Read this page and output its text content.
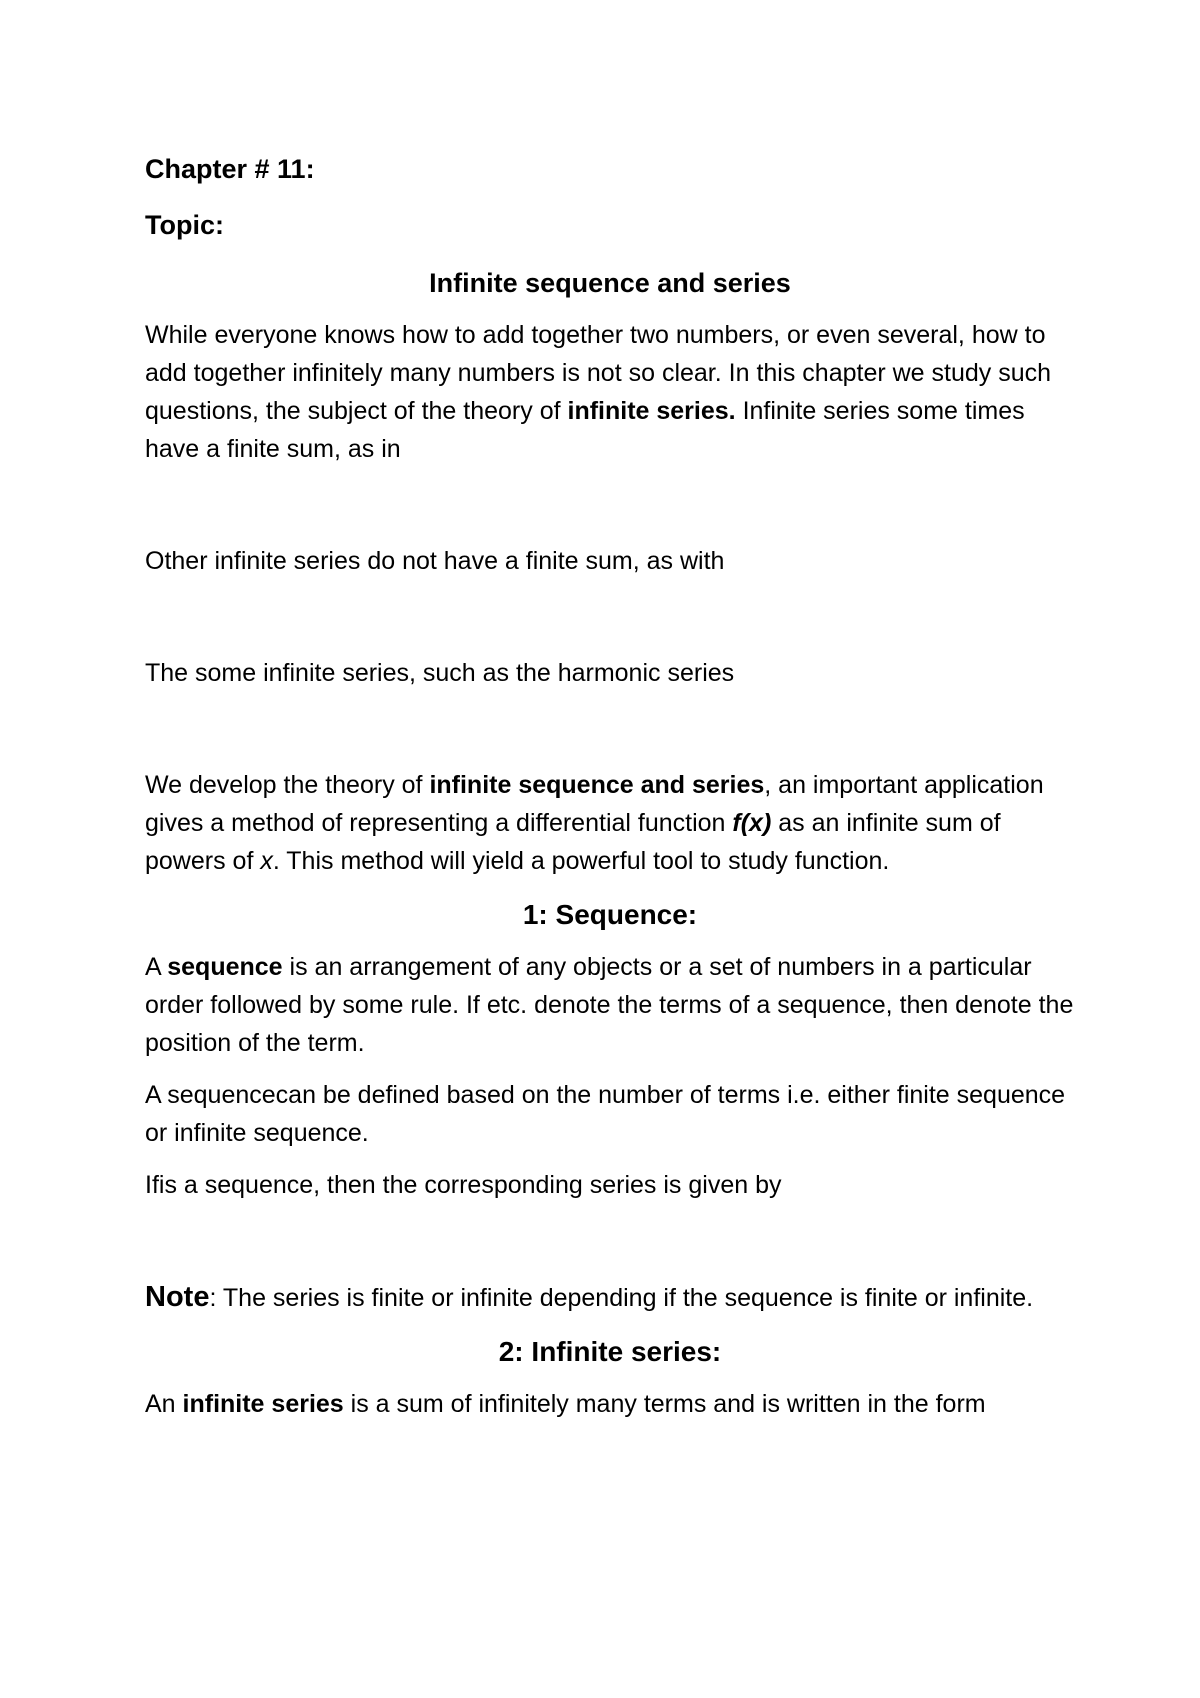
Chapter # 11:

Topic:

Infinite sequence and series

While everyone knows how to add together two numbers, or even several, how to add together infinitely many numbers is not so clear. In this chapter we study such questions, the subject of the theory of infinite series. Infinite series some times have a finite sum, as in

Other infinite series do not have a finite sum, as with

The some infinite series, such as the harmonic series

We develop the theory of infinite sequence and series, an important application gives a method of representing a differential function f(x) as an infinite sum of powers of x. This method will yield a powerful tool to study function.

1: Sequence:

A sequence is an arrangement of any objects or a set of numbers in a particular order followed by some rule. If etc. denote the terms of a sequence, then denote the position of the term.

A sequencecan be defined based on the number of terms i.e. either finite sequence or infinite sequence.

Ifis a sequence, then the corresponding series is given by

Note: The series is finite or infinite depending if the sequence is finite or infinite.

2: Infinite series:

An infinite series is a sum of infinitely many terms and is written in the form
